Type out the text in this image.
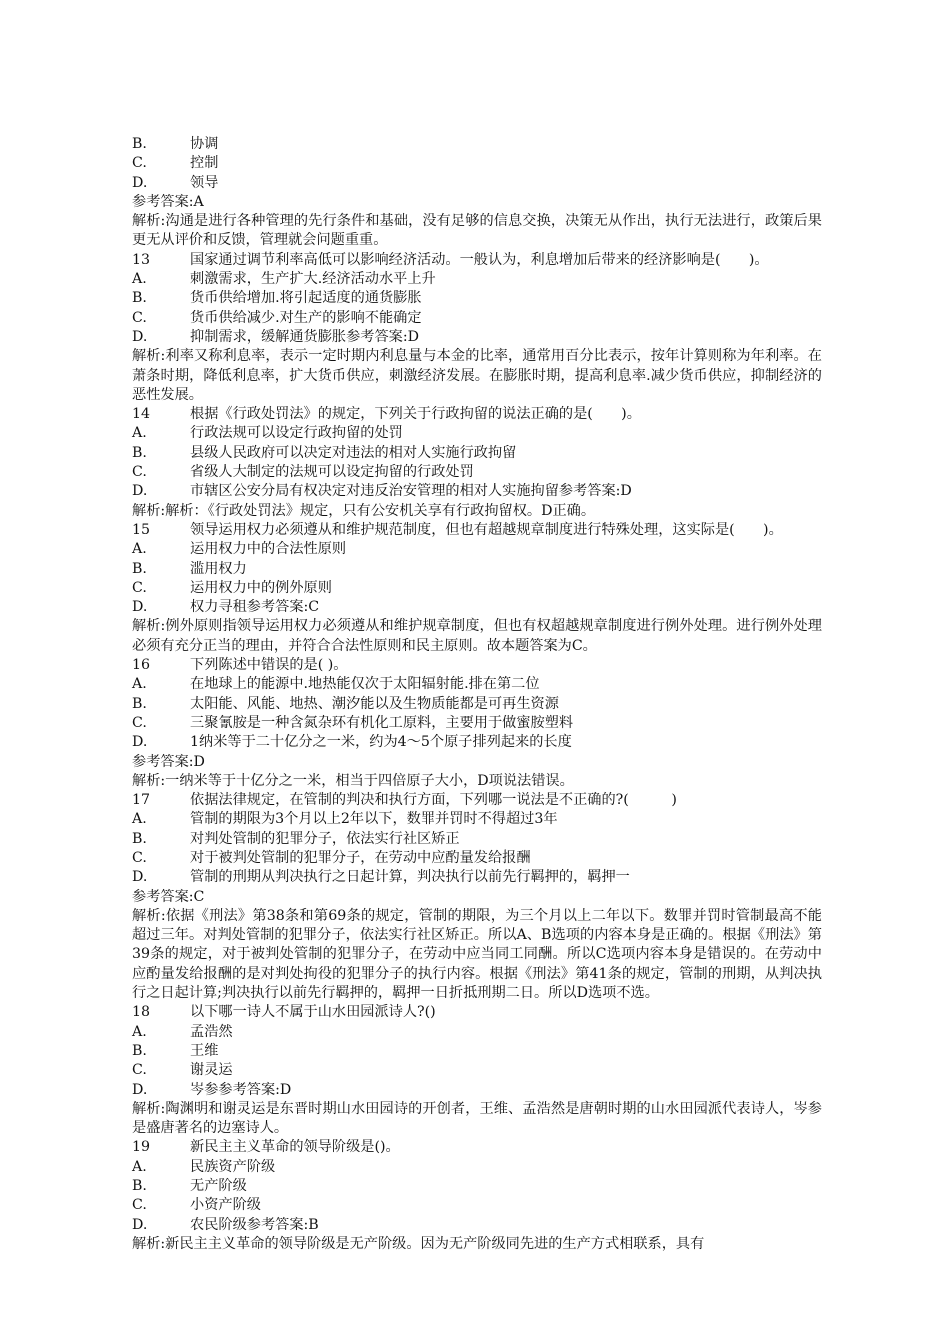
B.	协调
C.	控制
D.	领导
参考答案:A
解析:沟通是进行各种管理的先行条件和基础，没有足够的信息交换，决策无从作出，执行无法进行，政策后果更无从评价和反馈，管理就会问题重重。
13	国家通过调节利率高低可以影响经济活动。一般认为，利息增加后带来的经济影响是(　　)。
A.	刺激需求，生产扩大.经济活动水平上升
B.	货币供给增加.将引起适度的通货膨胀
C.	货币供给减少.对生产的影响不能确定
D.	抑制需求，缓解通货膨胀参考答案:D
解析:利率又称利息率，表示一定时期内利息量与本金的比率，通常用百分比表示，按年计算则称为年利率。在萧条时期，降低利息率，扩大货币供应，刺激经济发展。在膨胀时期，提高利息率.减少货币供应，抑制经济的恶性发展。
14	根据《行政处罚法》的规定，下列关于行政拘留的说法正确的是(　　)。
A.	行政法规可以设定行政拘留的处罚
B.	县级人民政府可以决定对违法的相对人实施行政拘留
C.	省级人大制定的法规可以设定拘留的行政处罚
D.	市辖区公安分局有权决定对违反治安管理的相对人实施拘留参考答案:D
解析:解析：《行政处罚法》规定，只有公安机关享有行政拘留权。D正确。
15	领导运用权力必须遵从和维护规范制度，但也有超越规章制度进行特殊处理，这实际是(　　)。
A.	运用权力中的合法性原则
B.	滥用权力
C.	运用权力中的例外原则
D.	权力寻租参考答案:C
解析:例外原则指领导运用权力必须遵从和维护规章制度，但也有权超越规章制度进行例外处理。进行例外处理必须有充分正当的理由，并符合合法性原则和民主原则。故本题答案为C。
16	下列陈述中错误的是( )。
A.	在地球上的能源中.地热能仅次于太阳辐射能.排在第二位
B.	太阳能、风能、地热、潮汐能以及生物质能都是可再生资源
C.	三聚氰胺是一种含氮杂环有机化工原料，主要用于做蜜胺塑料
D.	1纳米等于二十亿分之一米，约为4～5个原子排列起来的长度
参考答案:D
解析:一纳米等于十亿分之一米，相当于四倍原子大小，D项说法错误。
17	依据法律规定，在管制的判决和执行方面，下列哪一说法是不正确的?(　　　)
A.	管制的期限为3个月以上2年以下，数罪并罚时不得超过3年
B.	对判处管制的犯罪分子，依法实行社区矫正
C.	对于被判处管制的犯罪分子，在劳动中应酌量发给报酬
D.	管制的刑期从判决执行之日起计算，判决执行以前先行羁押的，羁押一
参考答案:C
解析:依据《刑法》第38条和第69条的规定，管制的期限，为三个月以上二年以下。数罪并罚时管制最高不能超过三年。对判处管制的犯罪分子，依法实行社区矫正。所以A、B选项的内容本身是正确的。根据《刑法》第39条的规定，对于被判处管制的犯罪分子，在劳动中应当同工同酬。所以C选项内容本身是错误的。在劳动中应酌量发给报酬的是对判处拘役的犯罪分子的执行内容。根据《刑法》第41条的规定，管制的刑期，从判决执行之日起计算;判决执行以前先行羁押的，羁押一日折抵刑期二日。所以D选项不选。
18	以下哪一诗人不属于山水田园派诗人?()
A.	孟浩然
B.	王维
C.	谢灵运
D.	岑参参考答案:D
解析:陶渊明和谢灵运是东晋时期山水田园诗的开创者，王维、孟浩然是唐朝时期的山水田园派代表诗人，岑参是盛唐著名的边塞诗人。
19	新民主主义革命的领导阶级是()。
A.	民族资产阶级
B.	无产阶级
C.	小资产阶级
D.	农民阶级参考答案:B
解析:新民主主义革命的领导阶级是无产阶级。因为无产阶级同先进的生产方式相联系，具有
